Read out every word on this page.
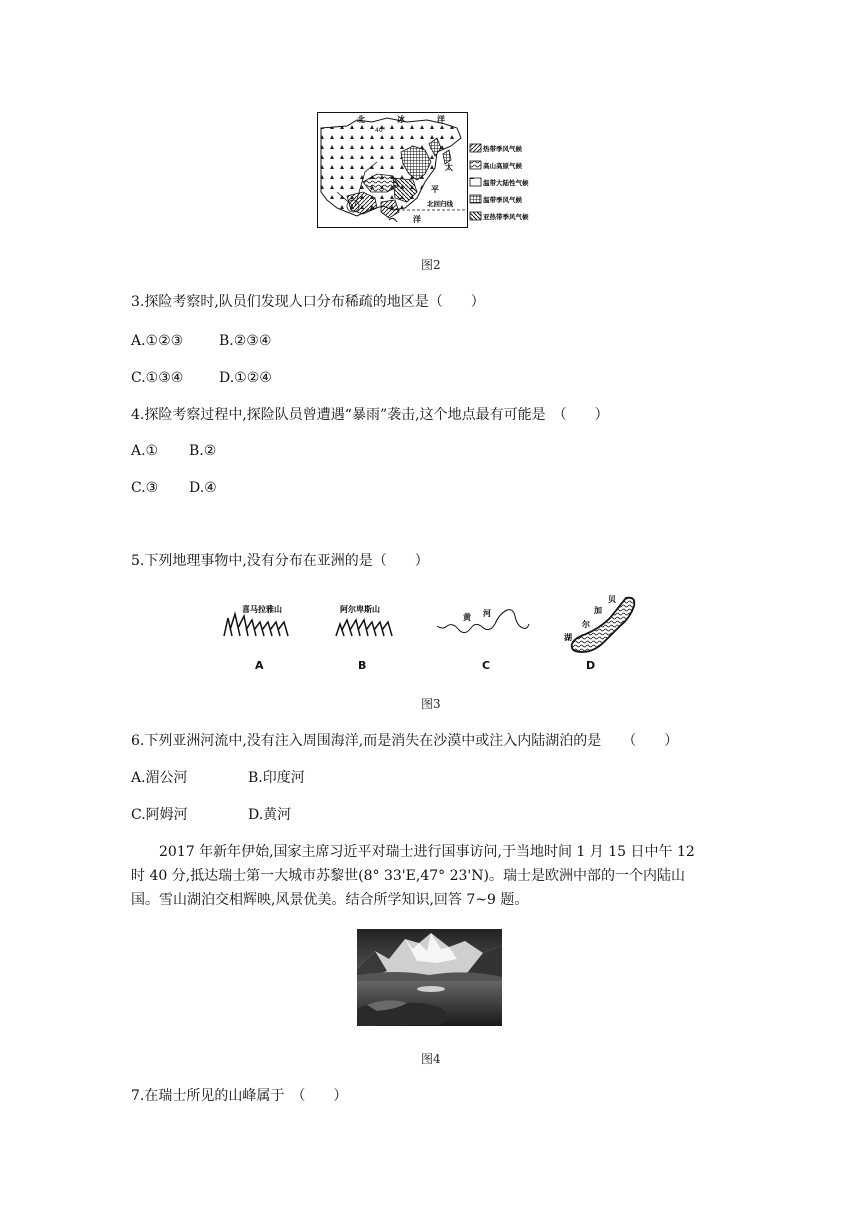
北	冰	洋
40°
太
平
北回归线
洋
热带季风气候
高山高原气候
温带大陆性气候
温带季风气候
亚热带季风气候
图2
3.探险考察时,队员们发现人口分布稀疏的地区是（　　）
A.①②③	B.②③④
C.①③④	D.①②④
4.探险考察过程中,探险队员曾遭遇“暴雨”袭击,这个地点最有可能是　（　　）
A.① B.②
C.③ D.④
5.下列地理事物中,没有分布在亚洲的是（　　）
喜马拉雅山
A
阿尔卑斯山
B
黄 河
C
贝
加
尔
湖
D
图3
6.下列亚洲河流中,没有注入周围海洋,而是消失在沙漠中或注入内陆湖泊的是　　（　　）
A.湄公河	B.印度河
C.阿姆河	D.黄河
2017 年新年伊始,国家主席习近平对瑞士进行国事访问,于当地时间 1 月 15 日中午 12
时 40 分,抵达瑞士第一大城市苏黎世(8° 33'E,47° 23'N)。瑞士是欧洲中部的一个内陆山
国。雪山湖泊交相辉映,风景优美。结合所学知识,回答 7~9 题。
图4
7.在瑞士所见的山峰属于　（　　）
